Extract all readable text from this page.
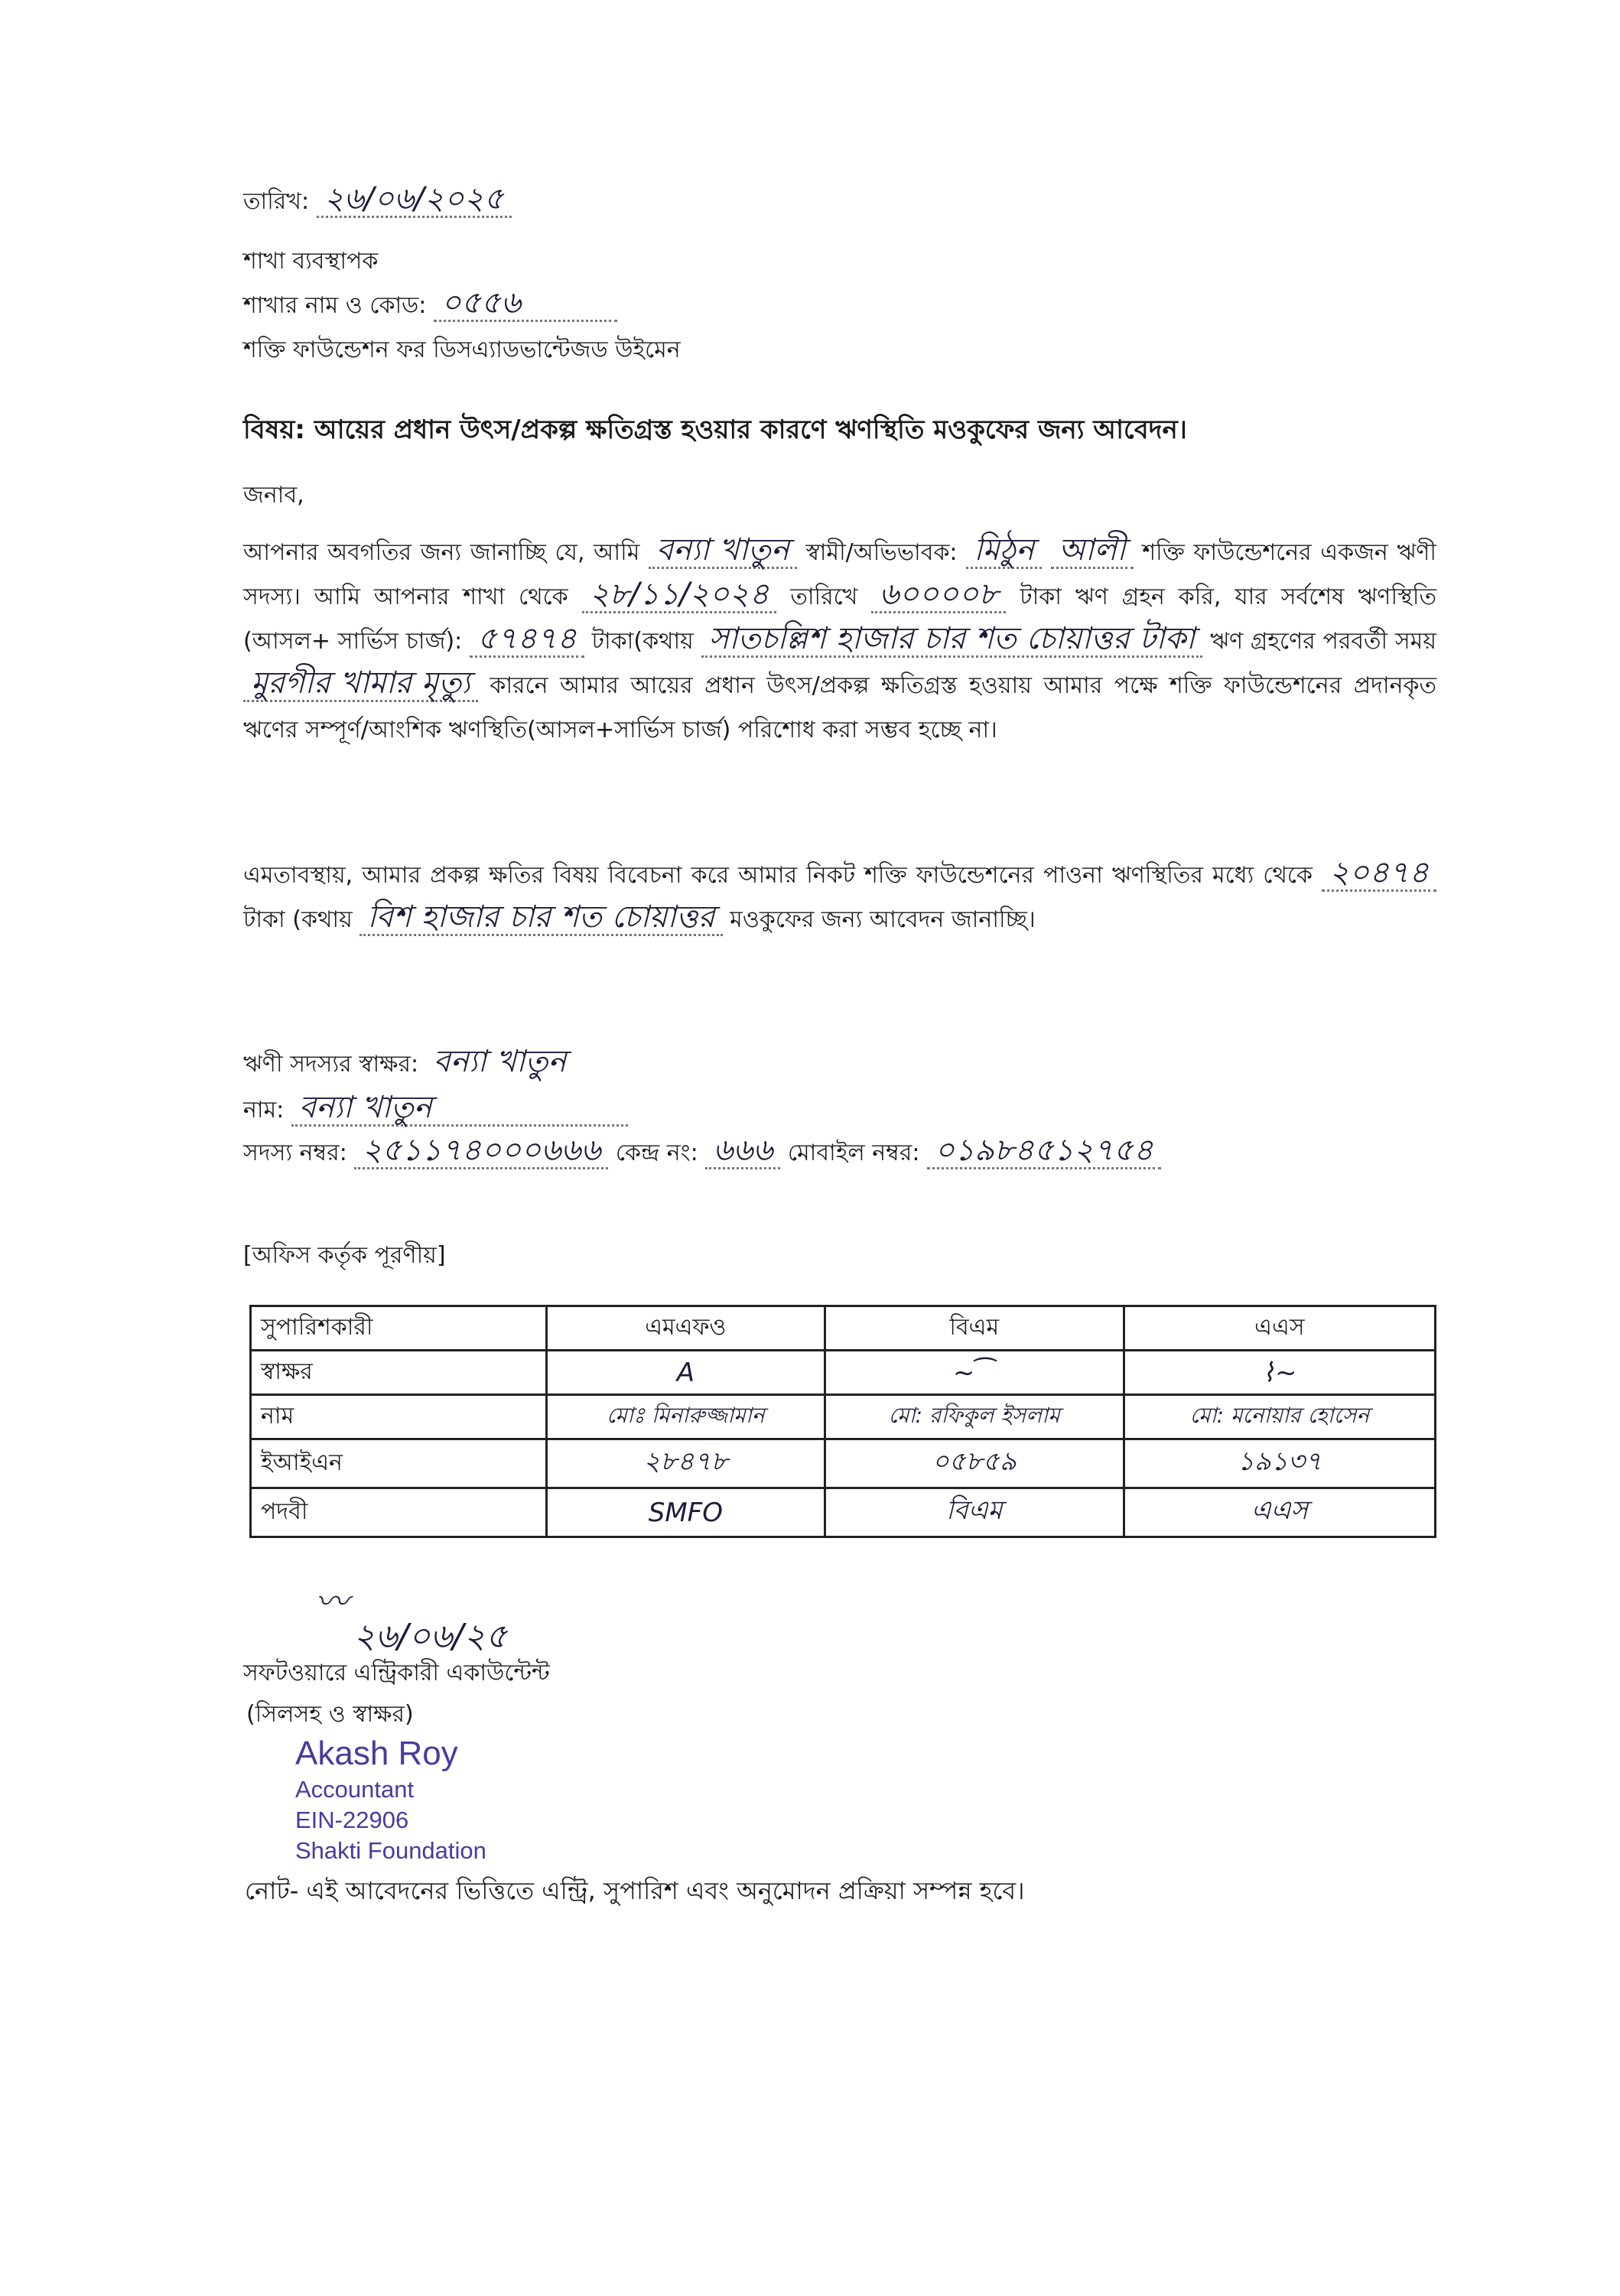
তারিখ: ২৬/০৬/২০২৫
শাখা ব্যবস্থাপক
শাখার নাম ও কোড: ০৫৫৬
শক্তি ফাউন্ডেশন ফর ডিসএ্যাডভান্টেজড উইমেন
বিষয়: আয়ের প্রধান উৎস/প্রকল্প ক্ষতিগ্রস্ত হওয়ার কারণে ঋণস্থিতি মওকুফের জন্য আবেদন।
জনাব,
আপনার অবগতির জন্য জানাচ্ছি যে, আমি বন্যা খাতুন স্বামী/অভিভাবক: মিঠুন আলী শক্তি ফাউন্ডেশনের একজন ঋণী সদস্য। আমি আপনার শাখা থেকে ২৮/১১/২০২৪ তারিখে ৬০০০০৮ টাকা ঋণ গ্রহন করি, যার সর্বশেষ ঋণস্থিতি (আসল+ সার্ভিস চার্জ): ৫৭৪৭৪ টাকা(কথায় সাতচল্লিশ হাজার চার শত চোয়াত্তর টাকা ঋণ গ্রহণের পরবর্তী সময় মুরগীর খামার মৃত্যু কারনে আমার আয়ের প্রধান উৎস/প্রকল্প ক্ষতিগ্রস্ত হওয়ায় আমার পক্ষে শক্তি ফাউন্ডেশনের প্রদানকৃত ঋণের সম্পূর্ণ/আংশিক ঋণস্থিতি(আসল+সার্ভিস চার্জ) পরিশোধ করা সম্ভব হচ্ছে না।
এমতাবস্থায়, আমার প্রকল্প ক্ষতির বিষয় বিবেচনা করে আমার নিকট শক্তি ফাউন্ডেশনের পাওনা ঋণস্থিতির মধ্যে থেকে ২০৪৭৪ টাকা (কথায় বিশ হাজার চার শত চোয়াত্তর মওকুফের জন্য আবেদন জানাচ্ছি।
ঋণী সদস্যর স্বাক্ষর: বন্যা খাতুন
নাম: বন্যা খাতুন
সদস্য নম্বর: ২৫১১৭৪০০০৬৬৬ কেন্দ্র নং: ৬৬৬ মোবাইল নম্বর: ০১৯৮৪৫১২৭৫৪
[অফিস কর্তৃক পূরণীয়]
সুপারিশকারী	এমএফও	বিএম	এএস
স্বাক্ষর	A	~⁀	⌇~
নাম	মোঃ মিনারুজ্জামান	মো: রফিকুল ইসলাম	মো: মনোয়ার হোসেন
ইআইএন	২৮৪৭৮	০৫৮৫৯	১৯১৩৭
পদবী	SMFO	বিএম	এএস
〰
২৬/০৬/২৫
সফটওয়ারে এন্ট্রিকারী একাউন্টেন্ট
(সিলসহ ও স্বাক্ষর)
Akash Roy
Accountant
EIN-22906
Shakti Foundation
নোট- এই আবেদনের ভিত্তিতে এন্ট্রি, সুপারিশ এবং অনুমোদন প্রক্রিয়া সম্পন্ন হবে।
